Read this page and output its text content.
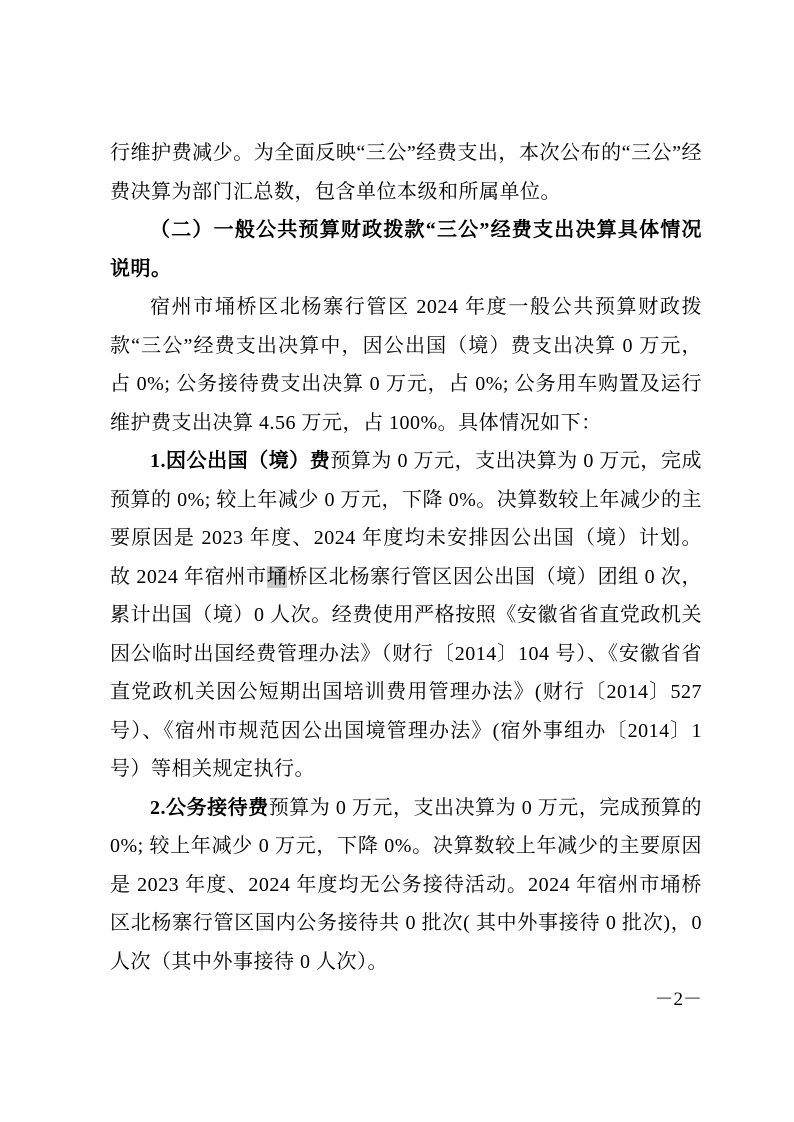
行维护费减少。为全面反映“三公”经费支出，本次公布的“三公”经费决算为部门汇总数，包含单位本级和所属单位。

（二）一般公共预算财政拨款“三公”经费支出决算具体情况说明。

宿州市埇桥区北杨寨行管区 2024 年度一般公共预算财政拨款“三公”经费支出决算中，因公出国（境）费支出决算 0 万元，占 0%; 公务接待费支出决算 0 万元，占 0%; 公务用车购置及运行维护费支出决算 4.56 万元，占 100%。具体情况如下：

1.因公出国（境）费预算为 0 万元，支出决算为 0 万元，完成预算的 0%; 较上年减少 0 万元，下降 0%。决算数较上年减少的主要原因是 2023 年度、2024 年度均未安排因公出国（境）计划。故 2024 年宿州市埇桥区北杨寨行管区因公出国（境）团组 0 次，累计出国（境）0 人次。经费使用严格按照《安徽省省直党政机关因公临时出国经费管理办法》（财行〔2014〕104 号）、《安徽省省直党政机关因公短期出国培训费用管理办法》(财行〔2014〕527 号）、《宿州市规范因公出国境管理办法》(宿外事组办〔2014〕1 号）等相关规定执行。

2.公务接待费预算为 0 万元，支出决算为 0 万元，完成预算的 0%; 较上年减少 0 万元，下降 0%。决算数较上年减少的主要原因是 2023 年度、2024 年度均无公务接待活动。2024 年宿州市埇桥区北杨寨行管区国内公务接待共 0 批次( 其中外事接待 0 批次)，0 人次（其中外事接待 0 人次）。

－2－
